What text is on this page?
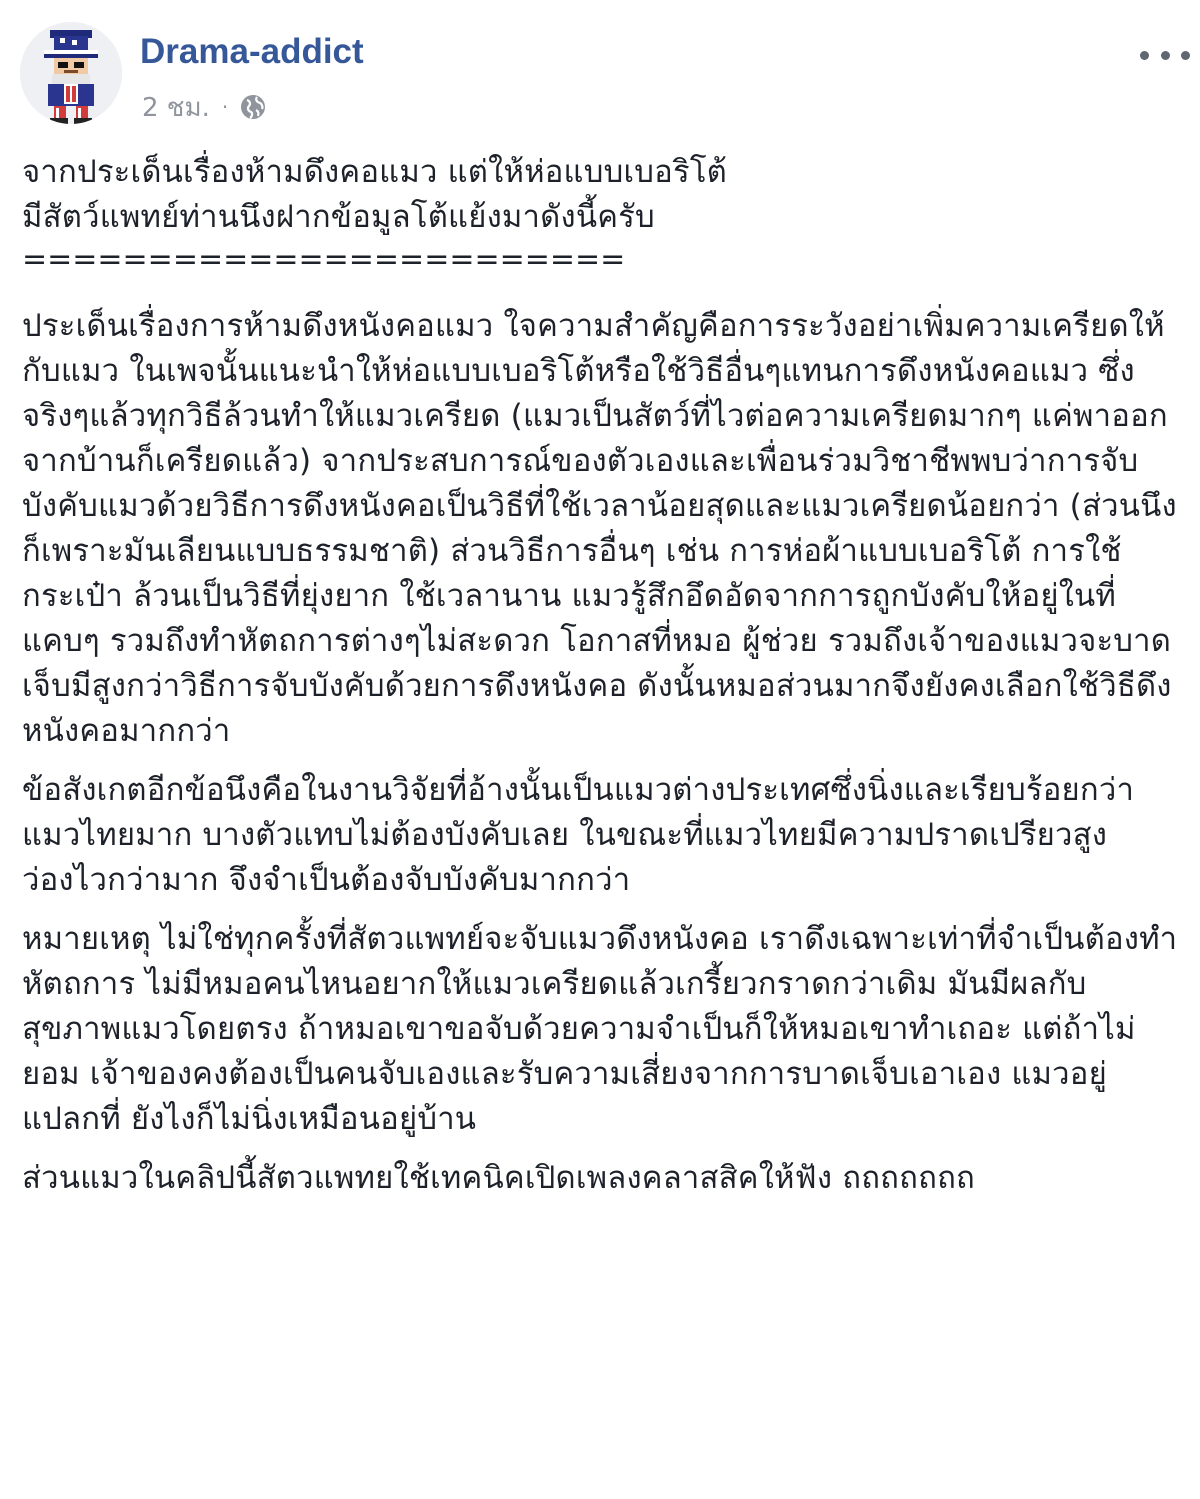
Drama-addict
2 ชม. ·

จากประเด็นเรื่องห้ามดึงคอแมว แต่ให้ห่อแบบเบอริโต้
มีสัตว์แพทย์ท่านนึงฝากข้อมูลโต้แย้งมาดังนี้ครับ

========================

ประเด็นเรื่องการห้ามดึงหนังคอแมว ใจความสำคัญคือการระวังอย่าเพิ่มความเครียดให้กับแมว ในเพจนั้นแนะนำให้ห่อแบบเบอริโต้หรือใช้วิธีอื่นๆแทนการดึงหนังคอแมว ซึ่งจริงๆแล้วทุกวิธีล้วนทำให้แมวเครียด (แมวเป็นสัตว์ที่ไวต่อความเครียดมากๆ แค่พาออกจากบ้านก็เครียดแล้ว) จากประสบการณ์ของตัวเองและเพื่อนร่วมวิชาชีพพบว่าการจับบังคับแมวด้วยวิธีการดึงหนังคอเป็นวิธีที่ใช้เวลาน้อยสุดและแมวเครียดน้อยกว่า (ส่วนนึงก็เพราะมันเลียนแบบธรรมชาติ) ส่วนวิธีการอื่นๆ เช่น การห่อผ้าแบบเบอริโต้ การใช้กระเป๋า ล้วนเป็นวิธีที่ยุ่งยาก ใช้เวลานาน แมวรู้สึกอึดอัดจากการถูกบังคับให้อยู่ในที่แคบๆ รวมถึงทำหัตถการต่างๆไม่สะดวก โอกาสที่หมอ ผู้ช่วย รวมถึงเจ้าของแมวจะบาดเจ็บมีสูงกว่าวิธีการจับบังคับด้วยการดึงหนังคอ ดังนั้นหมอส่วนมากจึงยังคงเลือกใช้วิธีดึงหนังคอมากกว่า

ข้อสังเกตอีกข้อนึงคือในงานวิจัยที่อ้างนั้นเป็นแมวต่างประเทศซึ่งนิ่งและเรียบร้อยกว่าแมวไทยมาก บางตัวแทบไม่ต้องบังคับเลย ในขณะที่แมวไทยมีความปราดเปรียวสูง ว่องไวกว่ามาก จึงจำเป็นต้องจับบังคับมากกว่า

หมายเหตุ ไม่ใช่ทุกครั้งที่สัตวแพทย์จะจับแมวดึงหนังคอ เราดึงเฉพาะเท่าที่จำเป็นต้องทำหัตถการ ไม่มีหมอคนไหนอยากให้แมวเครียดแล้วเกรี้ยวกราดกว่าเดิม มันมีผลกับสุขภาพแมวโดยตรง ถ้าหมอเขาขอจับด้วยความจำเป็นก็ให้หมอเขาทำเถอะ แต่ถ้าไม่ยอม เจ้าของคงต้องเป็นคนจับเองและรับความเสี่ยงจากการบาดเจ็บเอาเอง แมวอยู่แปลกที่ ยังไงก็ไม่นิ่งเหมือนอยู่บ้าน

ส่วนแมวในคลิปนี้สัตวแพทยใช้เทคนิคเปิดเพลงคลาสสิคให้ฟัง ถถถถถถถ
